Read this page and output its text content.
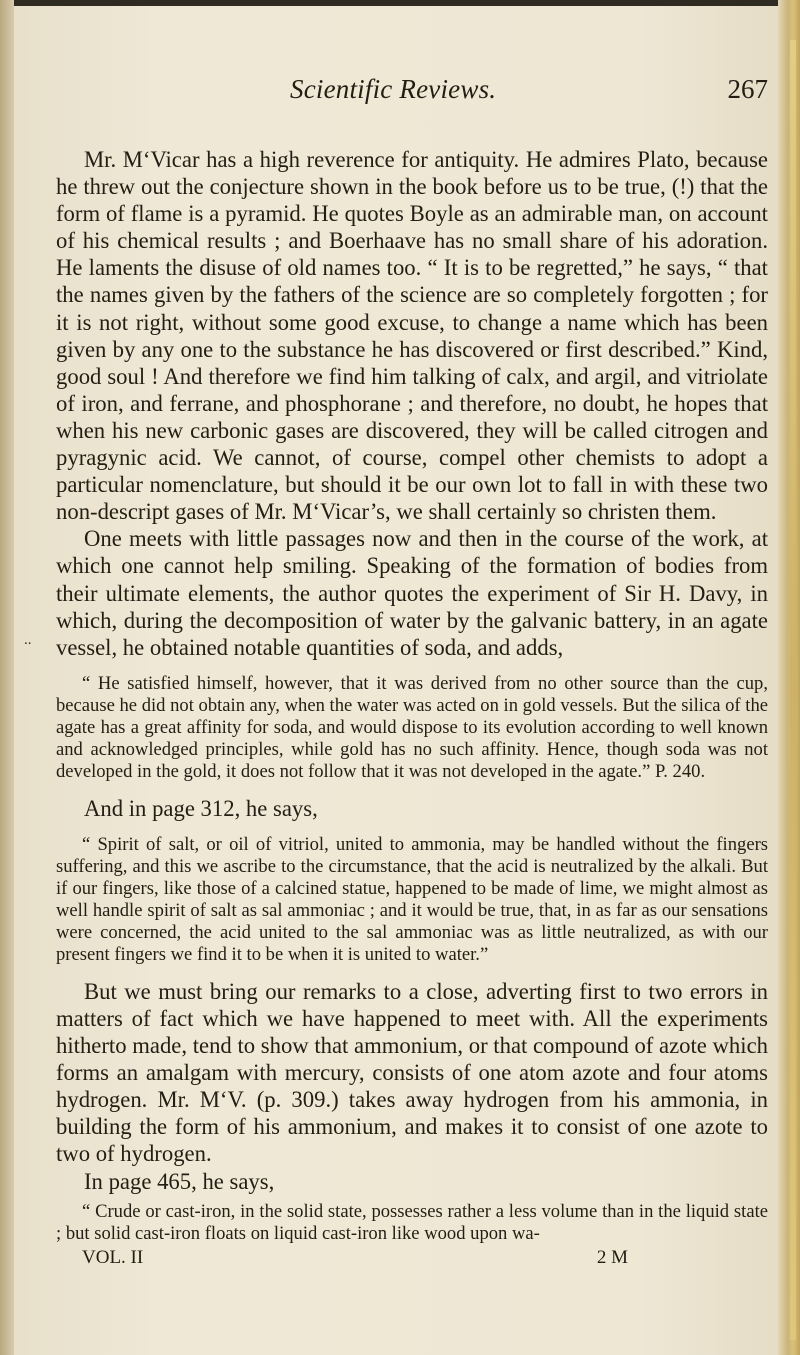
Scientific Reviews.	267
..

Mr. M‘Vicar has a high reverence for antiquity. He admires Plato, because he threw out the conjecture shown in the book before us to be true, (!) that the form of flame is a pyramid. He quotes Boyle as an admirable man, on account of his chemical results ; and Boerhaave has no small share of his adoration. He laments the disuse of old names too. “ It is to be regretted,” he says, “ that the names given by the fathers of the science are so completely forgotten ; for it is not right, without some good excuse, to change a name which has been given by any one to the substance he has discovered or first described.” Kind, good soul ! And therefore we find him talking of calx, and argil, and vitriolate of iron, and ferrane, and phosphorane ; and therefore, no doubt, he hopes that when his new carbonic gases are discovered, they will be called citrogen and pyragynic acid. We cannot, of course, compel other chemists to adopt a particular nomenclature, but should it be our own lot to fall in with these two non-descript gases of Mr. M‘Vicar’s, we shall certainly so christen them.

One meets with little passages now and then in the course of the work, at which one cannot help smiling. Speaking of the formation of bodies from their ultimate elements, the author quotes the experiment of Sir H. Davy, in which, during the decomposition of water by the galvanic battery, in an agate vessel, he obtained notable quantities of soda, and adds,

“ He satisfied himself, however, that it was derived from no other source than the cup, because he did not obtain any, when the water was acted on in gold vessels. But the silica of the agate has a great affinity for soda, and would dispose to its evolution according to well known and acknowledged principles, while gold has no such affinity. Hence, though soda was not developed in the gold, it does not follow that it was not developed in the agate.” P. 240.

And in page 312, he says,

“ Spirit of salt, or oil of vitriol, united to ammonia, may be handled without the fingers suffering, and this we ascribe to the circumstance, that the acid is neutralized by the alkali. But if our fingers, like those of a calcined statue, happened to be made of lime, we might almost as well handle spirit of salt as sal ammoniac ; and it would be true, that, in as far as our sensations were concerned, the acid united to the sal ammoniac was as little neutralized, as with our present fingers we find it to be when it is united to water.”

But we must bring our remarks to a close, adverting first to two errors in matters of fact which we have happened to meet with. All the experiments hitherto made, tend to show that ammonium, or that compound of azote which forms an amalgam with mercury, consists of one atom azote and four atoms hydrogen. Mr. M‘V. (p. 309.) takes away hydrogen from his ammonia, in building the form of his ammonium, and makes it to consist of one azote to two of hydrogen.

In page 465, he says,

“ Crude or cast-iron, in the solid state, possesses rather a less volume than in the liquid state ; but solid cast-iron floats on liquid cast-iron like wood upon wa-

VOL. II	2 M
